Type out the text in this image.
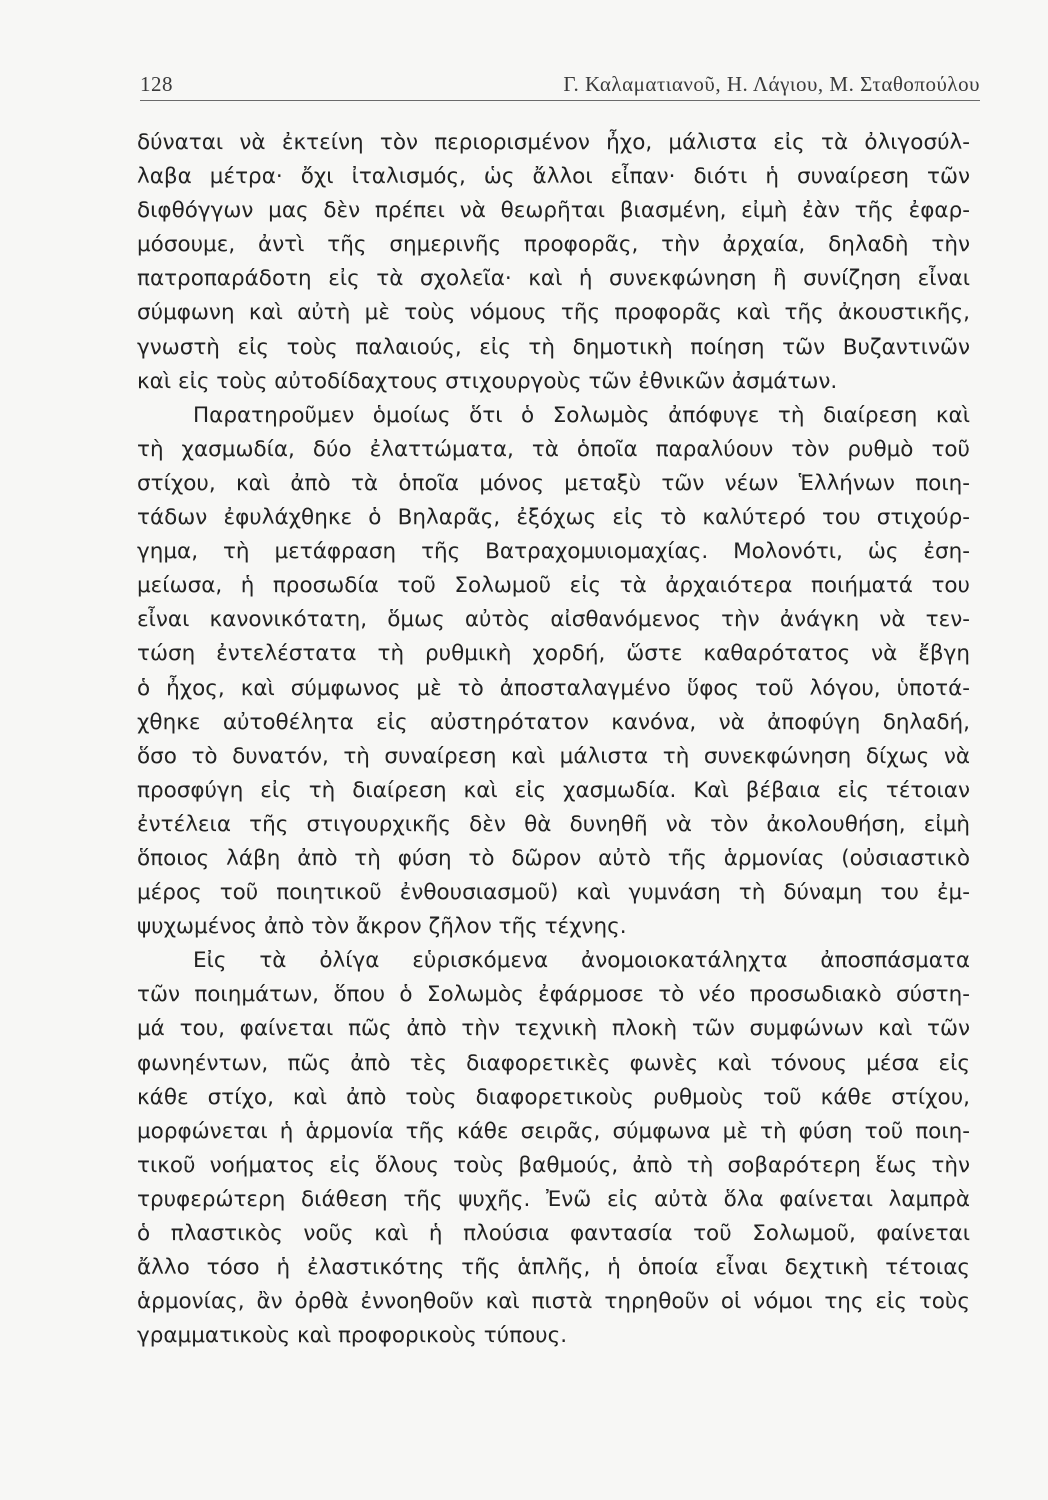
128	Γ. Καλαματιανοῦ, Η. Λάγιου, Μ. Σταθοπούλου
δύναται νὰ ἐκτείνη τὸν περιορισμένον ἦχο, μάλιστα εἰς τὰ ὀλιγοσύλ-
λαβα μέτρα· ὄχι ἰταλισμός, ὡς ἄλλοι εἶπαν· διότι ἡ συναίρεση τῶν
διφθόγγων μας δὲν πρέπει νὰ θεωρῆται βιασμένη, εἰμὴ ἐὰν τῆς ἐφαρ-
μόσουμε, ἀντὶ τῆς σημερινῆς προφορᾶς, τὴν ἀρχαία, δηλαδὴ τὴν
πατροπαράδοτη εἰς τὰ σχολεῖα· καὶ ἡ συνεκφώνηση ἢ συνίζηση εἶναι
σύμφωνη καὶ αὐτὴ μὲ τοὺς νόμους τῆς προφορᾶς καὶ τῆς ἀκουστικῆς,
γνωστὴ εἰς τοὺς παλαιούς, εἰς τὴ δημοτικὴ ποίηση τῶν Βυζαντινῶν
καὶ εἰς τοὺς αὐτοδίδαχτους στιχουργοὺς τῶν ἐθνικῶν ἀσμάτων.
Παρατηροῦμεν ὁμοίως ὅτι ὁ Σολωμὸς ἀπόφυγε τὴ διαίρεση καὶ
τὴ χασμωδία, δύο ἐλαττώματα, τὰ ὁποῖα παραλύουν τὸν ρυθμὸ τοῦ
στίχου, καὶ ἀπὸ τὰ ὁποῖα μόνος μεταξὺ τῶν νέων Ἑλλήνων ποιη-
τάδων ἐφυλάχθηκε ὁ Βηλαρᾶς, ἐξόχως εἰς τὸ καλύτερό του στιχούρ-
γημα, τὴ μετάφραση τῆς Βατραχομυιομαχίας. Μολονότι, ὡς ἐση-
μείωσα, ἡ προσωδία τοῦ Σολωμοῦ εἰς τὰ ἀρχαιότερα ποιήματά του
εἶναι κανονικότατη, ὅμως αὐτὸς αἰσθανόμενος τὴν ἀνάγκη νὰ τεν-
τώση ἐντελέστατα τὴ ρυθμικὴ χορδή, ὥστε καθαρότατος νὰ ἔβγη
ὁ ἦχος, καὶ σύμφωνος μὲ τὸ ἀποσταλαγμένο ὕφος τοῦ λόγου, ὑποτά-
χθηκε αὐτοθέλητα εἰς αὐστηρότατον κανόνα, νὰ ἀποφύγη δηλαδή,
ὅσο τὸ δυνατόν, τὴ συναίρεση καὶ μάλιστα τὴ συνεκφώνηση δίχως νὰ
προσφύγη εἰς τὴ διαίρεση καὶ εἰς χασμωδία. Καὶ βέβαια εἰς τέτοιαν
ἐντέλεια τῆς στιγουρχικῆς δὲν θὰ δυνηθῆ νὰ τὸν ἀκολουθήση, εἰμὴ
ὅποιος λάβη ἀπὸ τὴ φύση τὸ δῶρον αὐτὸ τῆς ἁρμονίας (οὐσιαστικὸ
μέρος τοῦ ποιητικοῦ ἐνθουσιασμοῦ) καὶ γυμνάση τὴ δύναμη του ἐμ-
ψυχωμένος ἀπὸ τὸν ἄκρον ζῆλον τῆς τέχνης.
Εἰς τὰ ὀλίγα εὑρισκόμενα ἀνομοιοκατάληχτα ἀποσπάσματα
τῶν ποιημάτων, ὅπου ὁ Σολωμὸς ἐφάρμοσε τὸ νέο προσωδιακὸ σύστη-
μά του, φαίνεται πῶς ἀπὸ τὴν τεχνικὴ πλοκὴ τῶν συμφώνων καὶ τῶν
φωνηέντων, πῶς ἀπὸ τὲς διαφορετικὲς φωνὲς καὶ τόνους μέσα εἰς
κάθε στίχο, καὶ ἀπὸ τοὺς διαφορετικοὺς ρυθμοὺς τοῦ κάθε στίχου,
μορφώνεται ἡ ἁρμονία τῆς κάθε σειρᾶς, σύμφωνα μὲ τὴ φύση τοῦ ποιη-
τικοῦ νοήματος εἰς ὅλους τοὺς βαθμούς, ἀπὸ τὴ σοβαρότερη ἕως τὴν
τρυφερώτερη διάθεση τῆς ψυχῆς. Ἐνῶ εἰς αὐτὰ ὅλα φαίνεται λαμπρὰ
ὁ πλαστικὸς νοῦς καὶ ἡ πλούσια φαντασία τοῦ Σολωμοῦ, φαίνεται
ἄλλο τόσο ἡ ἐλαστικότης τῆς ἁπλῆς, ἡ ὁποία εἶναι δεχτικὴ τέτοιας
ἁρμονίας, ἂν ὀρθὰ ἐννοηθοῦν καὶ πιστὰ τηρηθοῦν οἱ νόμοι της εἰς τοὺς
γραμματικοὺς καὶ προφορικοὺς τύπους.
